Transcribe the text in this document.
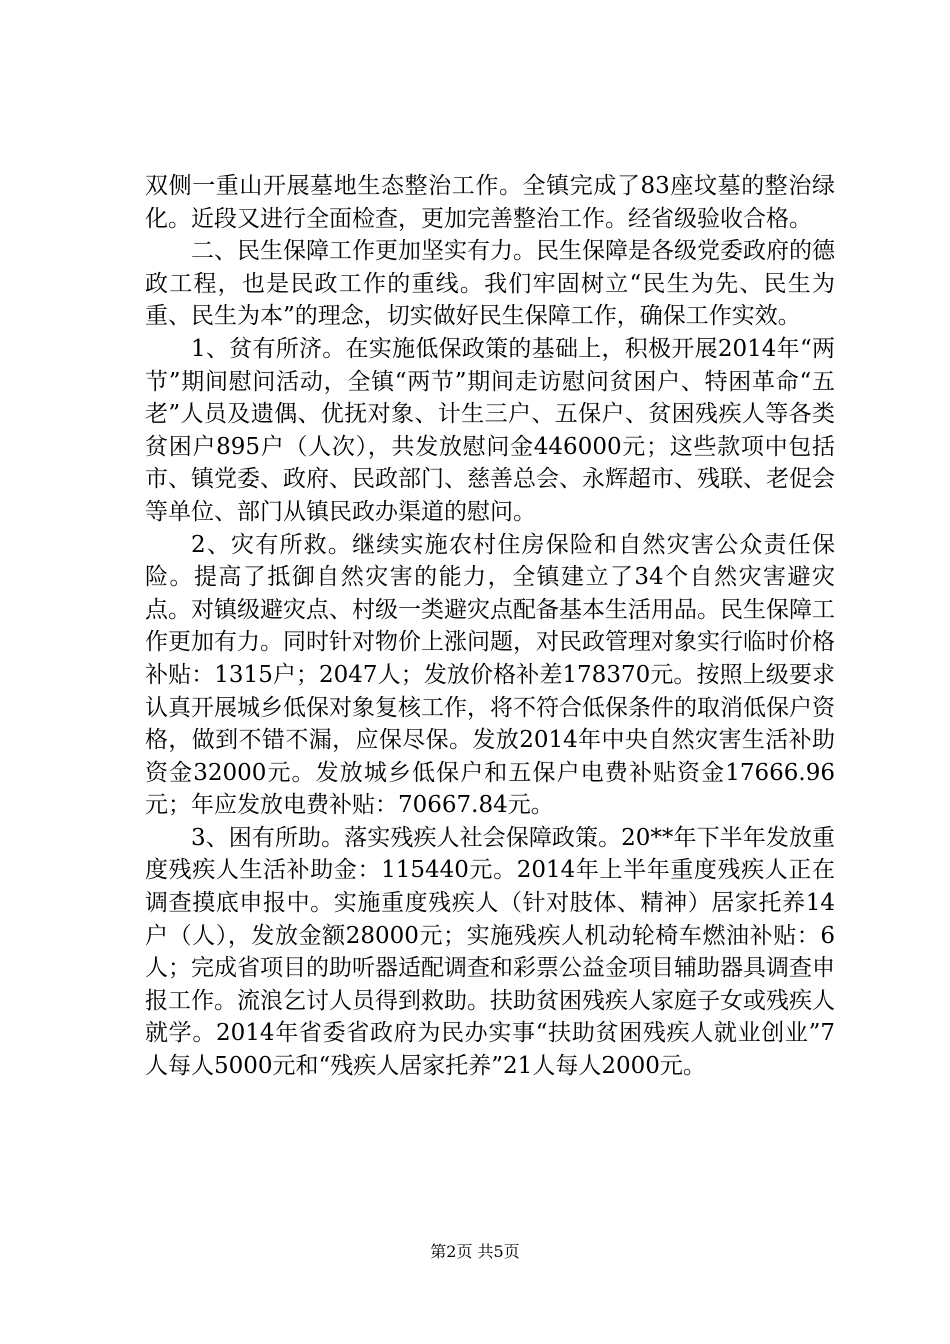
双侧一重山开展墓地生态整治工作。全镇完成了83座坟墓的整治绿化。近段又进行全面检查，更加完善整治工作。经省级验收合格。

二、民生保障工作更加坚实有力。民生保障是各级党委政府的德政工程，也是民政工作的重线。我们牢固树立“民生为先、民生为重、民生为本”的理念，切实做好民生保障工作，确保工作实效。

1、贫有所济。在实施低保政策的基础上，积极开展2014年“两节”期间慰问活动，全镇“两节”期间走访慰问贫困户、特困革命“五老”人员及遗偶、优抚对象、计生三户、五保户、贫困残疾人等各类贫困户895户（人次），共发放慰问金446000元；这些款项中包括市、镇党委、政府、民政部门、慈善总会、永辉超市、残联、老促会等单位、部门从镇民政办渠道的慰问。

2、灾有所救。继续实施农村住房保险和自然灾害公众责任保险。提高了抵御自然灾害的能力，全镇建立了34个自然灾害避灾点。对镇级避灾点、村级一类避灾点配备基本生活用品。民生保障工作更加有力。同时针对物价上涨问题，对民政管理对象实行临时价格补贴：1315户；2047人；发放价格补差178370元。按照上级要求认真开展城乡低保对象复核工作，将不符合低保条件的取消低保户资格，做到不错不漏，应保尽保。发放2014年中央自然灾害生活补助资金32000元。发放城乡低保户和五保户电费补贴资金17666.96元；年应发放电费补贴：70667.84元。

3、困有所助。落实残疾人社会保障政策。20**年下半年发放重度残疾人生活补助金：115440元。2014年上半年重度残疾人正在调查摸底申报中。实施重度残疾人（针对肢体、精神）居家托养14户（人），发放金额28000元；实施残疾人机动轮椅车燃油补贴：6人；完成省项目的助听器适配调查和彩票公益金项目辅助器具调查申报工作。流浪乞讨人员得到救助。扶助贫困残疾人家庭子女或残疾人就学。2014年省委省政府为民办实事“扶助贫困残疾人就业创业”7人每人5000元和“残疾人居家托养”21人每人2000元。

第2页 共5页
